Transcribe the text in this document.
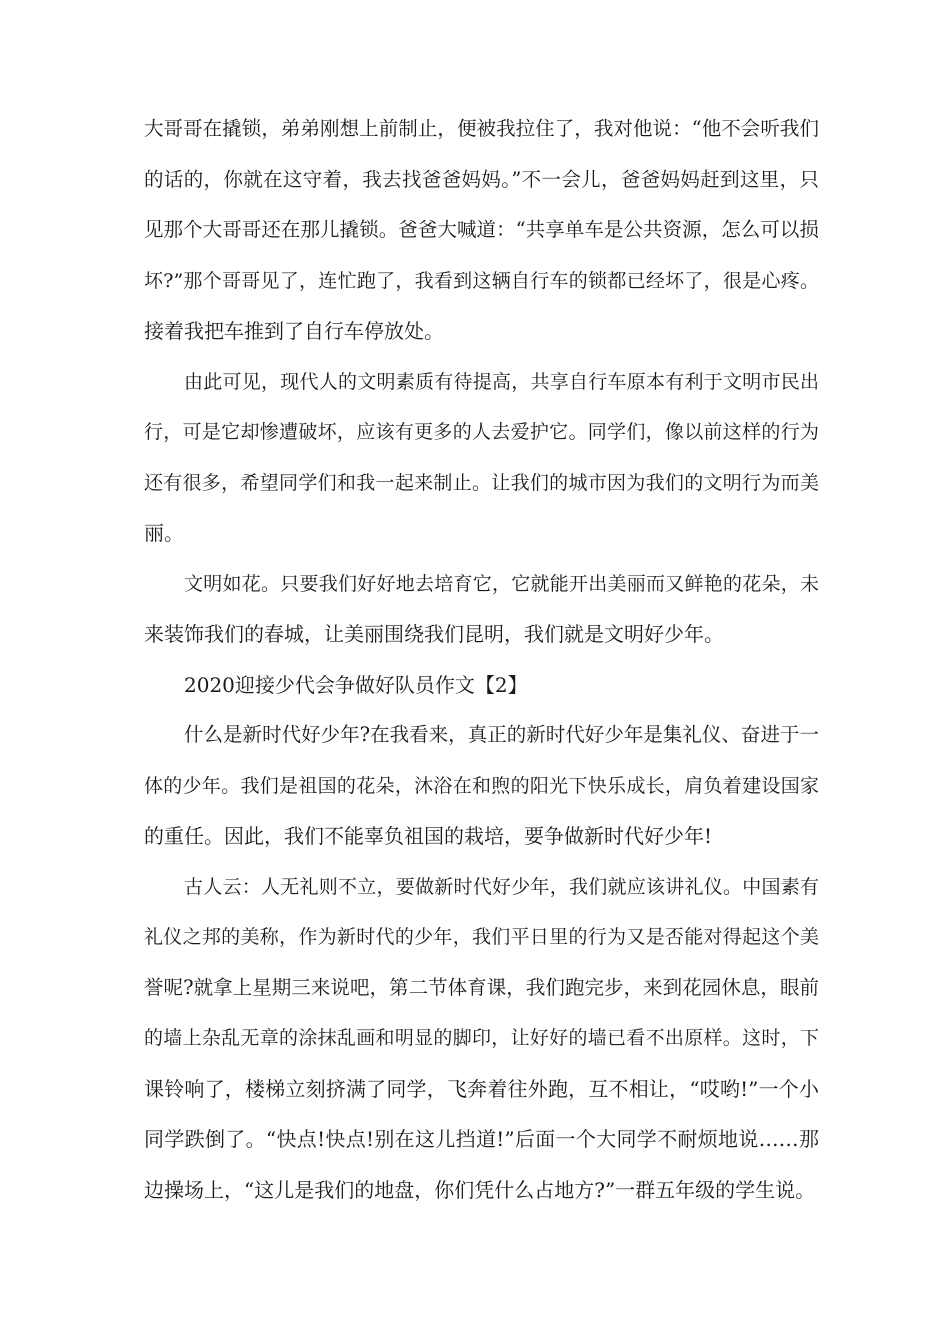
大哥哥在撬锁，弟弟刚想上前制止，便被我拉住了，我对他说：“他不会听我们
的话的，你就在这守着，我去找爸爸妈妈。”不一会儿，爸爸妈妈赶到这里，只
见那个大哥哥还在那儿撬锁。爸爸大喊道：“共享单车是公共资源，怎么可以损
坏?”那个哥哥见了，连忙跑了，我看到这辆自行车的锁都已经坏了，很是心疼。
接着我把车推到了自行车停放处。
由此可见，现代人的文明素质有待提高，共享自行车原本有利于文明市民出
行，可是它却惨遭破坏，应该有更多的人去爱护它。同学们，像以前这样的行为
还有很多，希望同学们和我一起来制止。让我们的城市因为我们的文明行为而美
丽。
文明如花。只要我们好好地去培育它，它就能开出美丽而又鲜艳的花朵，未
来装饰我们的春城，让美丽围绕我们昆明，我们就是文明好少年。
2020迎接少代会争做好队员作文【2】
什么是新时代好少年?在我看来，真正的新时代好少年是集礼仪、奋进于一
体的少年。我们是祖国的花朵，沐浴在和煦的阳光下快乐成长，肩负着建设国家
的重任。因此，我们不能辜负祖国的栽培，要争做新时代好少年!
古人云：人无礼则不立，要做新时代好少年，我们就应该讲礼仪。中国素有
礼仪之邦的美称，作为新时代的少年，我们平日里的行为又是否能对得起这个美
誉呢?就拿上星期三来说吧，第二节体育课，我们跑完步，来到花园休息，眼前
的墙上杂乱无章的涂抹乱画和明显的脚印，让好好的墙已看不出原样。这时，下
课铃响了，楼梯立刻挤满了同学，飞奔着往外跑，互不相让，“哎哟!”一个小
同学跌倒了。“快点!快点!别在这儿挡道!”后面一个大同学不耐烦地说……那
边操场上，“这儿是我们的地盘，你们凭什么占地方?”一群五年级的学生说。
